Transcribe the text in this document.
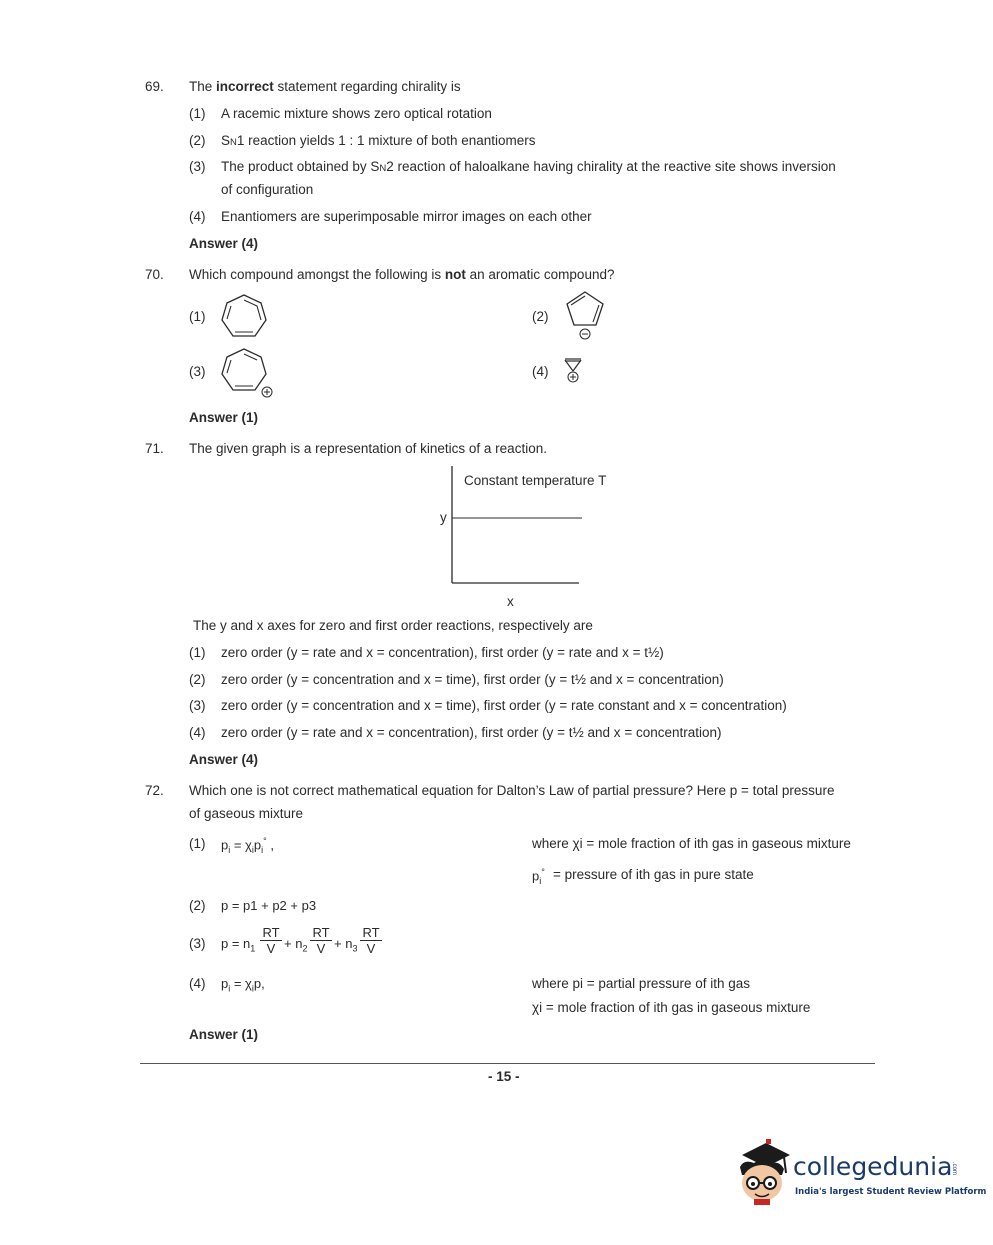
69. The incorrect statement regarding chirality is
(1) A racemic mixture shows zero optical rotation
(2) SN1 reaction yields 1 : 1 mixture of both enantiomers
(3) The product obtained by SN2 reaction of haloalkane having chirality at the reactive site shows inversion
of configuration
(4) Enantiomers are superimposable mirror images on each other
Answer (4)
70. Which compound amongst the following is not an aromatic compound?
(1)	(2)
(3)	(4)
Answer (1)
71. The given graph is a representation of kinetics of a reaction.
Constant temperature T
y
x
The y and x axes for zero and first order reactions, respectively are
(1) zero order (y = rate and x = concentration), first order (y = rate and x = t½)
(2) zero order (y = concentration and x = time), first order (y = t½ and x = concentration)
(3) zero order (y = concentration and x = time), first order (y = rate constant and x = concentration)
(4) zero order (y = rate and x = concentration), first order (y = t½ and x = concentration)
Answer (4)
72. Which one is not correct mathematical equation for Dalton’s Law of partial pressure? Here p = total pressure
of gaseous mixture
(1) $p_i = \chi_ip_i^\circ$ ,	where χi = mole fraction of ith gas in gaseous mixture
$p_i^\circ$ = pressure of ith gas in pure state
(2) p = p1 + p2 + p3
(3) $p = n_1 \frac{RT}{V} + n_2 \frac{RT}{V} + n_3 \frac{RT}{V}$
(4) $p_i = \chi_ip$,	where pi = partial pressure of ith gas
χi = mole fraction of ith gas in gaseous mixture
Answer (1)
- 15 -
collegedunia
.com
India's largest Student Review Platform
